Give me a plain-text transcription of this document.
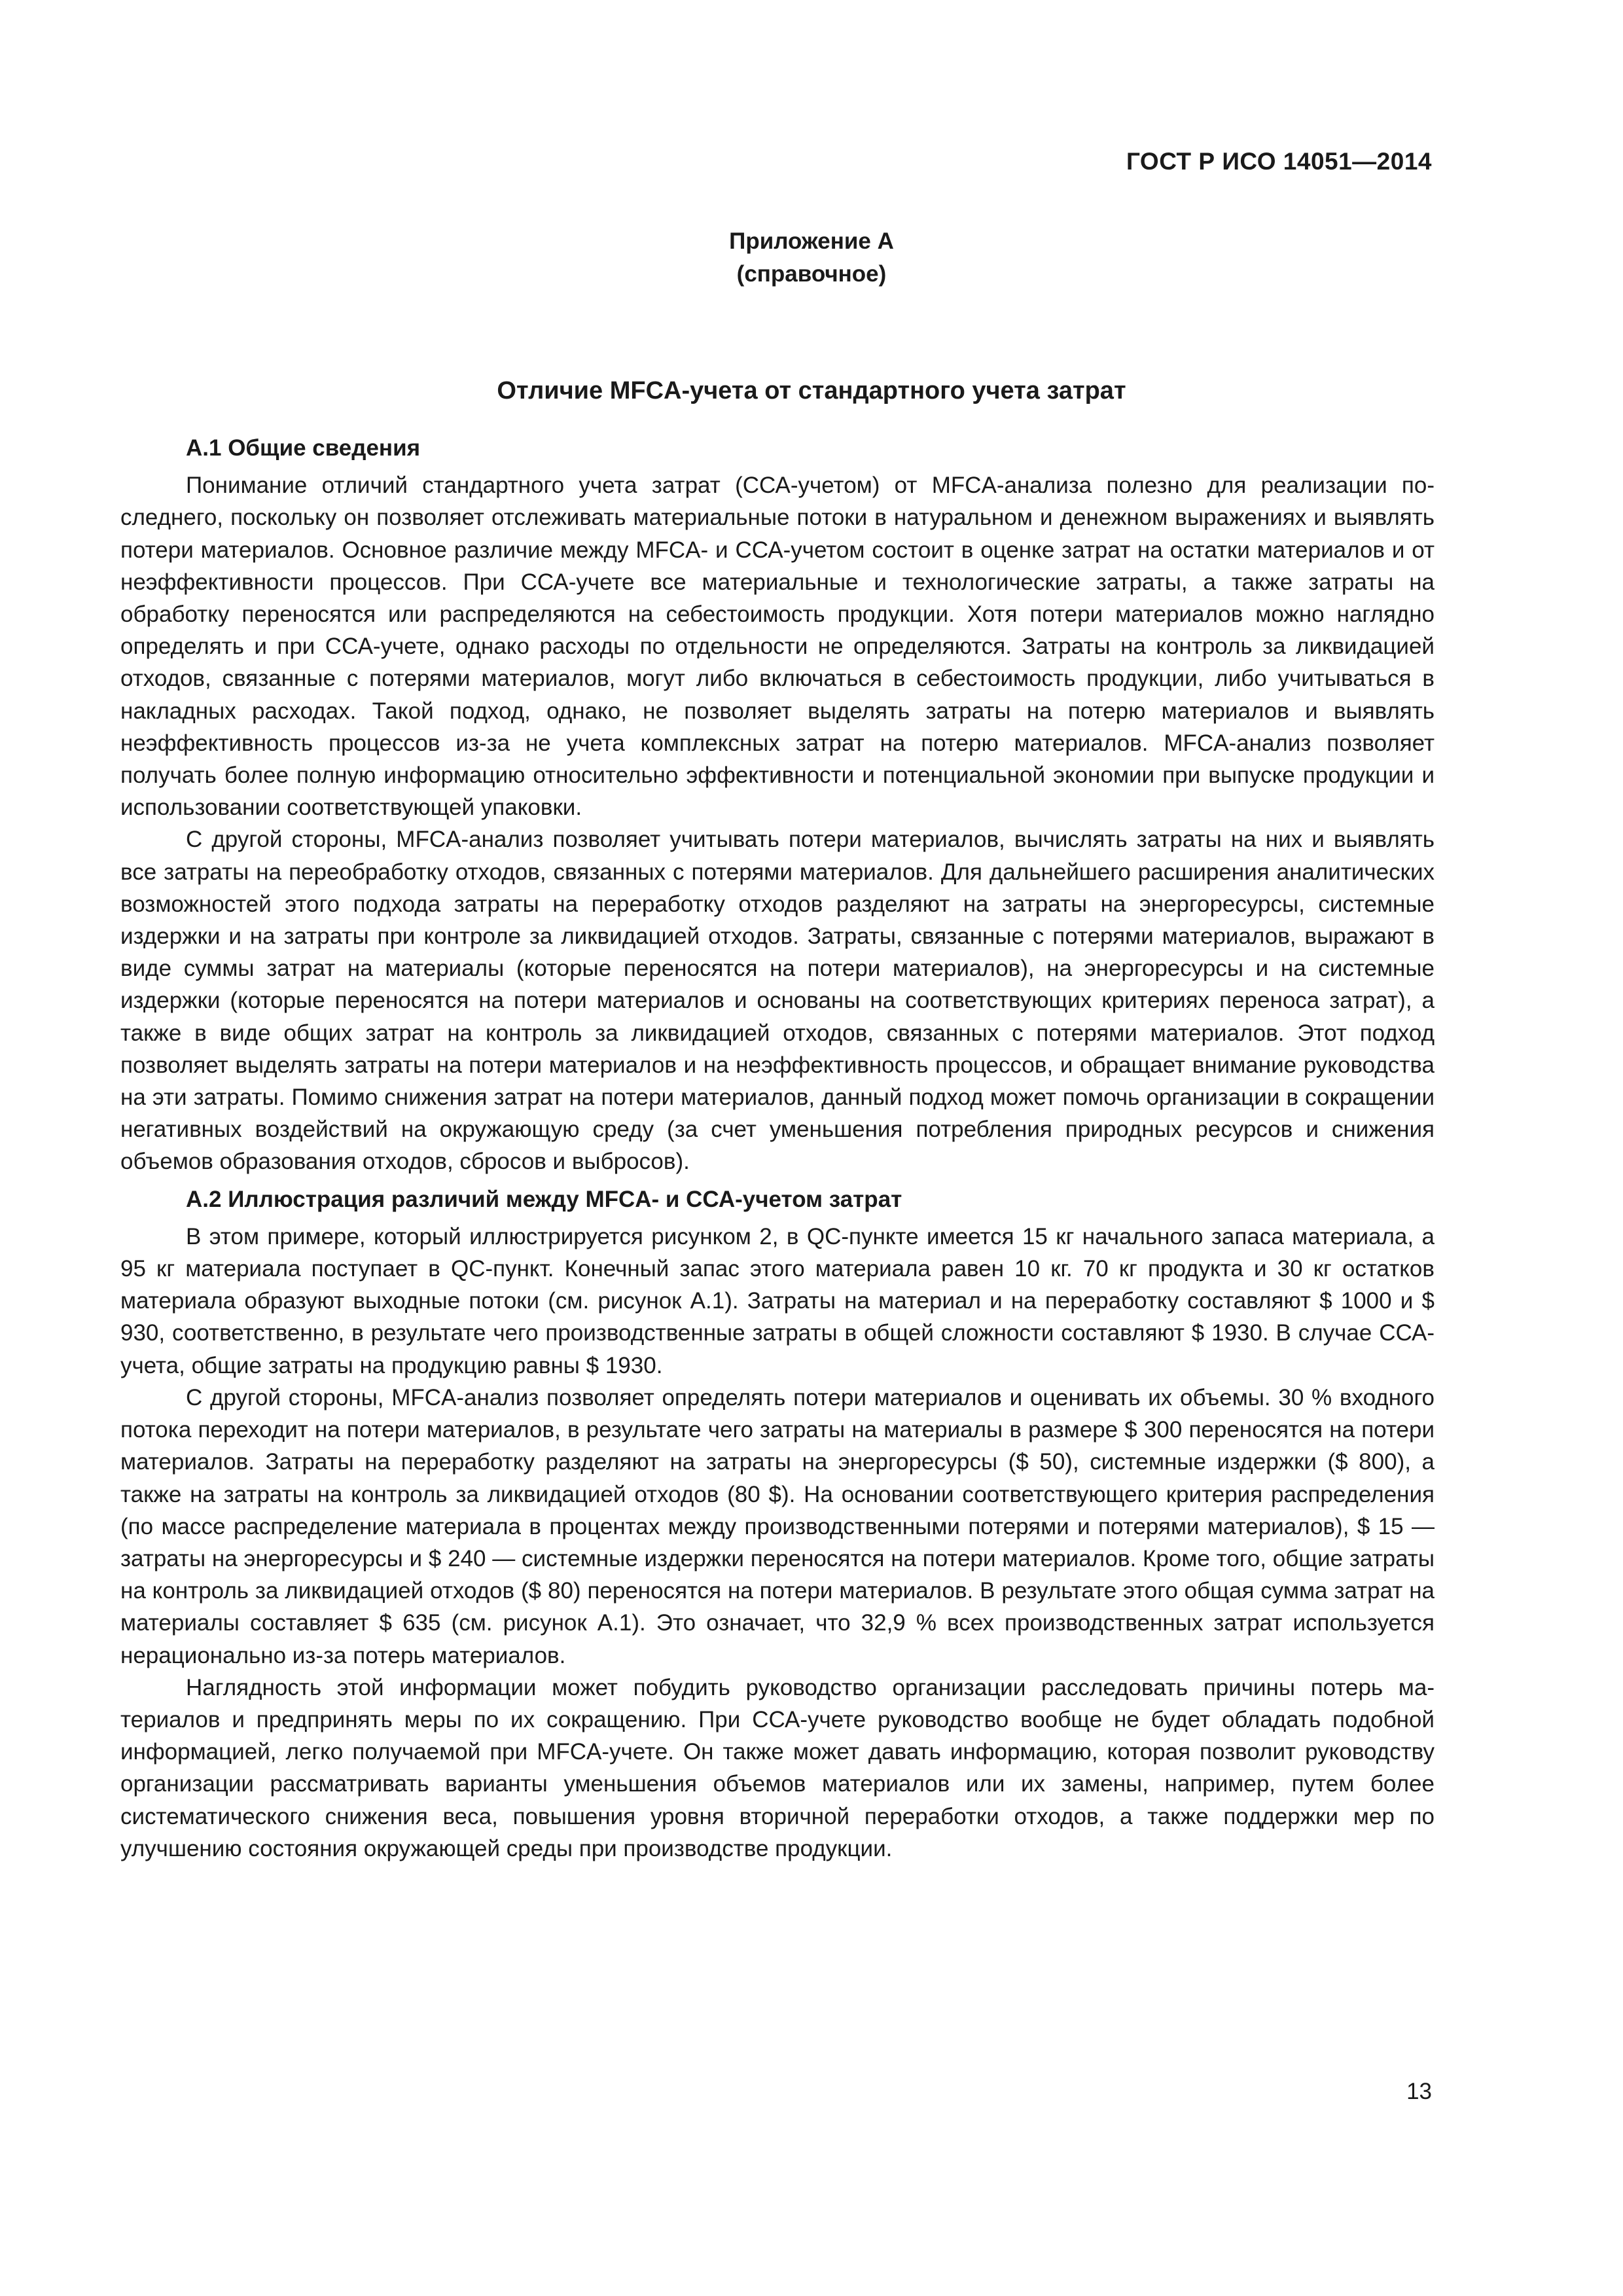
ГОСТ Р ИСО 14051—2014
Приложение А
(справочное)
Отличие MFCA-учета от стандартного учета затрат
А.1 Общие сведения

Понимание отличий стандартного учета затрат (ССА-учетом) от MFCA-анализа полезно для реализации последнего, поскольку он позволяет отслеживать материальные потоки в натуральном и денежном выражениях и выявлять потери материалов. Основное различие между MFCA- и ССА-учетом состоит в оценке затрат на остатки материалов и от неэффективности процессов. При ССА-учете все материальные и технологические затраты, а также затраты на обработку переносятся или распределяются на себестоимость продукции. Хотя потери материалов можно наглядно определять и при ССА-учете, однако расходы по отдельности не определяются. Затраты на контроль за ликвидацией отходов, связанные с потерями материалов, могут либо включаться в себестоимость продукции, либо учитываться в накладных расходах. Такой подход, однако, не позволяет выделять затраты на потерю материалов и выявлять неэффективность процессов из-за не учета комплексных затрат на потерю материалов. MFCA-анализ позволяет получать более полную информацию относительно эффективности и потенциальной экономии при выпуске продукции и использовании соответствующей упаковки.

С другой стороны, MFCA-анализ позволяет учитывать потери материалов, вычислять затраты на них и выявлять все затраты на переобработку отходов, связанных с потерями материалов. Для дальнейшего расширения аналитических возможностей этого подхода затраты на переработку отходов разделяют на затраты на энергоресурсы, системные издержки и на затраты при контроле за ликвидацией отходов. Затраты, связанные с потерями материалов, выражают в виде суммы затрат на материалы (которые переносятся на потери материалов), на энергоресурсы и на системные издержки (которые переносятся на потери материалов и основаны на соответствующих критериях переноса затрат), а также в виде общих затрат на контроль за ликвидацией отходов, связанных с потерями материалов. Этот подход позволяет выделять затраты на потери материалов и на неэффективность процессов, и обращает внимание руководства на эти затраты. Помимо снижения затрат на потери материалов, данный подход может помочь организации в сокращении негативных воздействий на окружающую среду (за счет уменьшения потребления природных ресурсов и снижения объемов образования отходов, сбросов и выбросов).

А.2 Иллюстрация различий между MFCA- и ССА-учетом затрат

В этом примере, который иллюстрируется рисунком 2, в QC-пункте имеется 15 кг начального запаса материала, а 95 кг материала поступает в QC-пункт. Конечный запас этого материала равен 10 кг. 70 кг продукта и 30 кг остатков материала образуют выходные потоки (см. рисунок А.1). Затраты на материал и на переработку составляют $ 1000 и $ 930, соответственно, в результате чего производственные затраты в общей сложности составляют $ 1930. В случае ССА-учета, общие затраты на продукцию равны $ 1930.

С другой стороны, MFCA-анализ позволяет определять потери материалов и оценивать их объемы. 30 % входного потока переходит на потери материалов, в результате чего затраты на материалы в размере $ 300 переносятся на потери материалов. Затраты на переработку разделяют на затраты на энергоресурсы ($ 50), системные издержки ($ 800), а также на затраты на контроль за ликвидацией отходов (80 $). На основании соответствующего критерия распределения (по массе распределение материала в процентах между производственными потерями и потерями материалов), $ 15 — затраты на энергоресурсы и $ 240 — системные издержки переносятся на потери материалов. Кроме того, общие затраты на контроль за ликвидацией отходов ($ 80) переносятся на потери материалов. В результате этого общая сумма затрат на материалы составляет $ 635 (см. рисунок А.1). Это означает, что 32,9 % всех производственных затрат используется нерационально из-за потерь материалов.

Наглядность этой информации может побудить руководство организации расследовать причины потерь материалов и предпринять меры по их сокращению. При ССА-учете руководство вообще не будет обладать подобной информацией, легко получаемой при MFCA-учете. Он также может давать информацию, которая позволит руководству организации рассматривать варианты уменьшения объемов материалов или их замены, например, путем более систематического снижения веса, повышения уровня вторичной переработки отходов, а также поддержки мер по улучшению состояния окружающей среды при производстве продукции.

13
